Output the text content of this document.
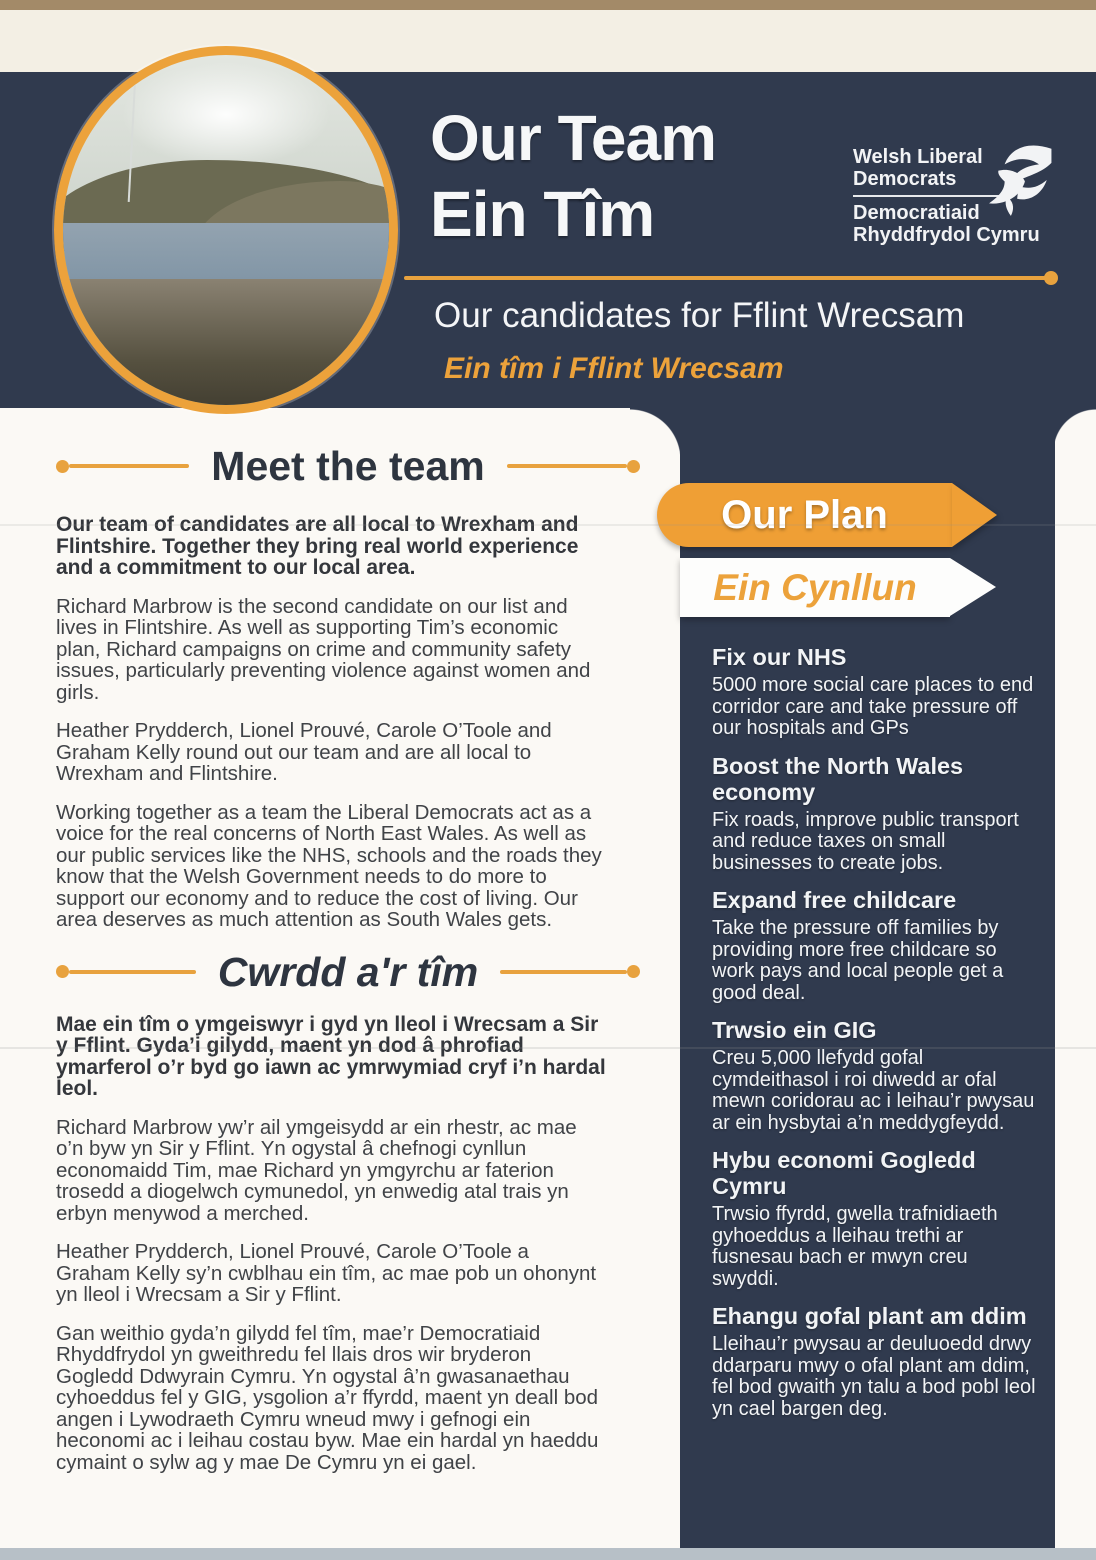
Our Team
Ein Tîm
Welsh Liberal
Democrats
Democratiaid
Rhyddfrydol Cymru
Our candidates for Fflint Wrecsam
Ein tîm i Fflint Wrecsam
Meet the team

Our team of candidates are all local to Wrexham and Flintshire. Together they bring real world experience and a commitment to our local area.

Richard Marbrow is the second candidate on our list and lives in Flintshire. As well as supporting Tim’s economic plan, Richard campaigns on crime and community safety issues, particularly preventing violence against women and girls.

Heather Prydderch, Lionel Prouvé, Carole O’Toole and Graham Kelly round out our team and are all local to Wrexham and Flintshire.

Working together as a team the Liberal Democrats act as a voice for the real concerns of North East Wales. As well as our public services like the NHS, schools and the roads they know that the Welsh Government needs to do more to support our economy and to reduce the cost of living. Our area deserves as much attention as South Wales gets.

Cwrdd a'r tîm

Mae ein tîm o ymgeiswyr i gyd yn lleol i Wrecsam a Sir y Fflint. Gyda’i gilydd, maent yn dod â phrofiad ymarferol o’r byd go iawn ac ymrwymiad cryf i’n hardal leol.

Richard Marbrow yw’r ail ymgeisydd ar ein rhestr, ac mae o’n byw yn Sir y Fflint. Yn ogystal â chefnogi cynllun economaidd Tim, mae Richard yn ymgyrchu ar faterion trosedd a diogelwch cymunedol, yn enwedig atal trais yn erbyn menywod a merched.

Heather Prydderch, Lionel Prouvé, Carole O’Toole a Graham Kelly sy’n cwblhau ein tîm, ac mae pob un ohonynt yn lleol i Wrecsam a Sir y Fflint.

Gan weithio gyda’n gilydd fel tîm, mae’r Democratiaid Rhyddfrydol yn gweithredu fel llais dros wir bryderon Gogledd Ddwyrain Cymru. Yn ogystal â’n gwasanaethau cyhoeddus fel y GIG, ysgolion a’r ffyrdd, maent yn deall bod angen i Lywodraeth Cymru wneud mwy i gefnogi ein heconomi ac i leihau costau byw. Mae ein hardal yn haeddu cymaint o sylw ag y mae De Cymru yn ei gael.

Our Plan
Ein Cynllun
Fix our NHS

5000 more social care places to end corridor care and take pressure off our hospitals and GPs

Boost the North Wales economy

Fix roads, improve public transport and reduce taxes on small businesses to create jobs.

Expand free childcare

Take the pressure off families by providing more free childcare so work pays and local people get a good deal.

Trwsio ein GIG

Creu 5,000 llefydd gofal cymdeithasol i roi diwedd ar ofal mewn coridorau ac i leihau’r pwysau ar ein hysbytai a’n meddygfeydd.

Hybu economi Gogledd Cymru

Trwsio ffyrdd, gwella trafnidiaeth gyhoeddus a lleihau trethi ar fusnesau bach er mwyn creu swyddi.

Ehangu gofal plant am ddim

Lleihau’r pwysau ar deuluoedd drwy ddarparu mwy o ofal plant am ddim, fel bod gwaith yn talu a bod pobl leol yn cael bargen deg.
